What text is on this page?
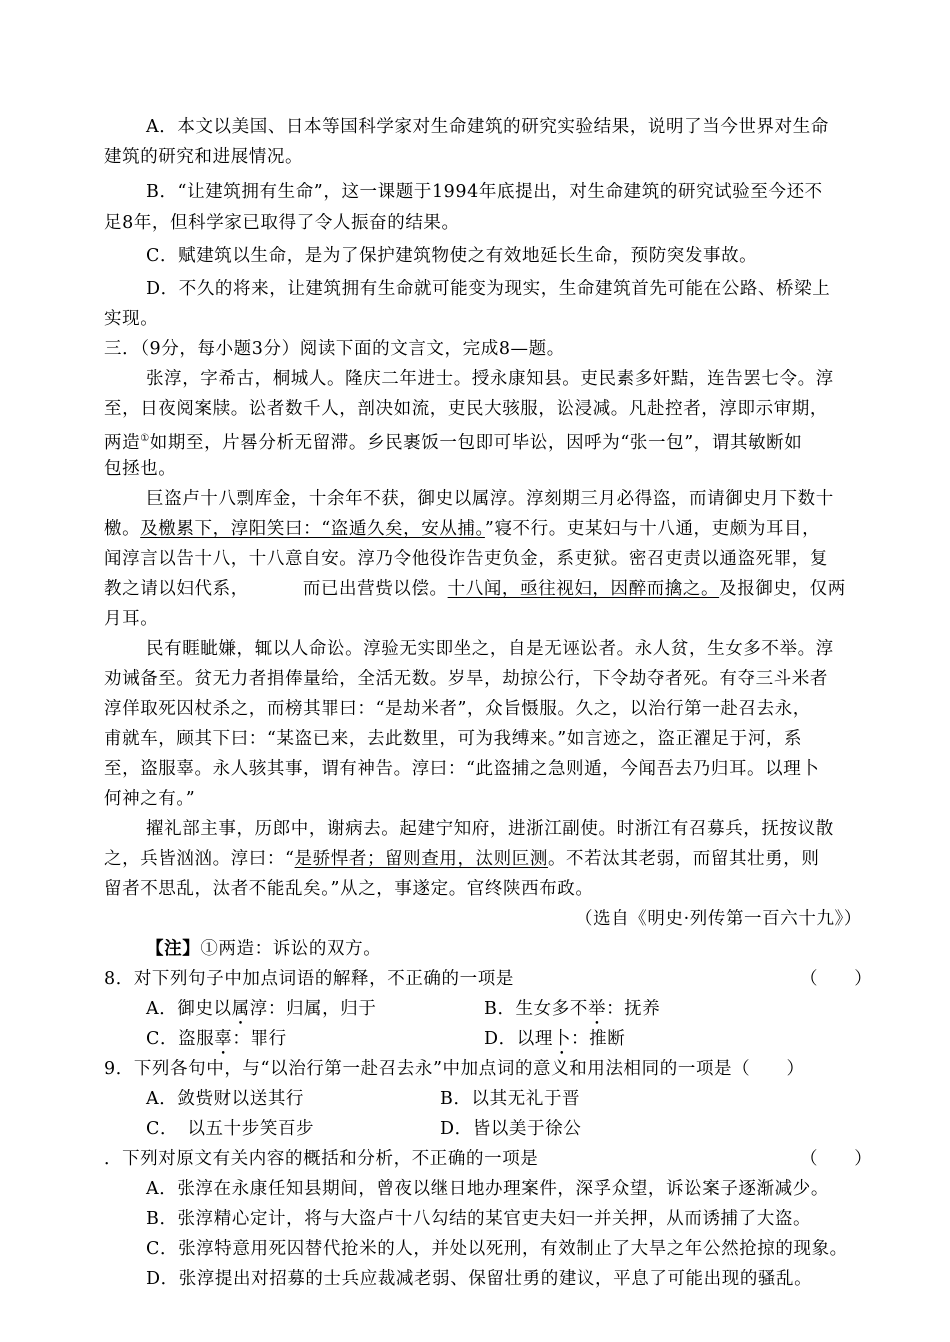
A．本文以美国、日本等国科学家对生命建筑的研究实验结果，说明了当今世界对生命
建筑的研究和进展情况。
B．“让建筑拥有生命”，这一课题于1994年底提出，对生命建筑的研究试验至今还不
足8年，但科学家已取得了令人振奋的结果。
C．赋建筑以生命，是为了保护建筑物使之有效地延长生命，预防突发事故。
D．不久的将来，让建筑拥有生命就可能变为现实，生命建筑首先可能在公路、桥梁上
实现。
三．（9分，每小题3分）阅读下面的文言文，完成8—题。
张淳，字希古，桐城人。隆庆二年进士。授永康知县。吏民素多奸黠，连告罢七令。淳
至，日夜阅案牍。讼者数千人，剖决如流，吏民大骇服，讼浸减。凡赴控者，淳即示审期，
两造①如期至，片晷分析无留滞。乡民裹饭一包即可毕讼，因呼为“张一包”，谓其敏断如
包拯也。
巨盗卢十八剽库金，十余年不获，御史以属淳。淳刻期三月必得盗，而请御史月下数十
檄。及檄累下，淳阳笑曰：“盗遁久矣，安从捕。”寝不行。吏某妇与十八通，吏颇为耳目，
闻淳言以告十八，十八意自安。淳乃令他役诈告吏负金，系吏狱。密召吏责以通盗死罪，复
教之请以妇代系，	而已出营赀以偿。十八闻，亟往视妇，因醉而擒之。及报御史，仅两
月耳。
民有睚眦嫌，辄以人命讼。淳验无实即坐之，自是无诬讼者。永人贫，生女多不举。淳
劝诫备至。贫无力者捐俸量给，全活无数。岁旱，劫掠公行，下令劫夺者死。有夺三斗米者
淳佯取死囚杖杀之，而榜其罪曰：“是劫米者”，众旨慑服。久之，以治行第一赴召去永，
甫就车，顾其下曰：“某盗已来，去此数里，可为我缚来。”如言迹之，盗正濯足于河，系
至，盗服辜。永人骇其事，谓有神告。淳曰：“此盗捕之急则遁，今闻吾去乃归耳。以理卜
何神之有。”
擢礼部主事，历郎中，谢病去。起建宁知府，进浙江副使。时浙江有召募兵，抚按议散
之，兵皆汹汹。淳曰：“是骄悍者；留则查用，汰则叵测。不若汰其老弱，而留其壮勇，则
留者不思乱，汰者不能乱矣。”从之，事遂定。官终陕西布政。
（选自《明史·列传第一百六十九》）
【注】①两造：诉讼的双方。
8．对下列句子中加点词语的解释，不正确的一项是	（　　）
A．御史以属淳：归属，归于	B．生女多不举：抚养
C．盗服辜：罪行	D．以理卜：推断
9．下列各句中，与“以治行第一赴召去永”中加点词的意义和用法相同的一项是（　　）
A．敛赀财以送其行	B．以其无礼于晋
C．　以五十步笑百步	D．皆以美于徐公
．下列对原文有关内容的概括和分析，不正确的一项是	（　　）
A．张淳在永康任知县期间，曾夜以继日地办理案件，深孚众望，诉讼案子逐渐减少。
B．张淳精心定计，将与大盗卢十八勾结的某官吏夫妇一并关押，从而诱捕了大盗。
C．张淳特意用死囚替代抢米的人，并处以死刑，有效制止了大旱之年公然抢掠的现象。
D．张淳提出对招募的士兵应裁减老弱、保留壮勇的建议，平息了可能出现的骚乱。
